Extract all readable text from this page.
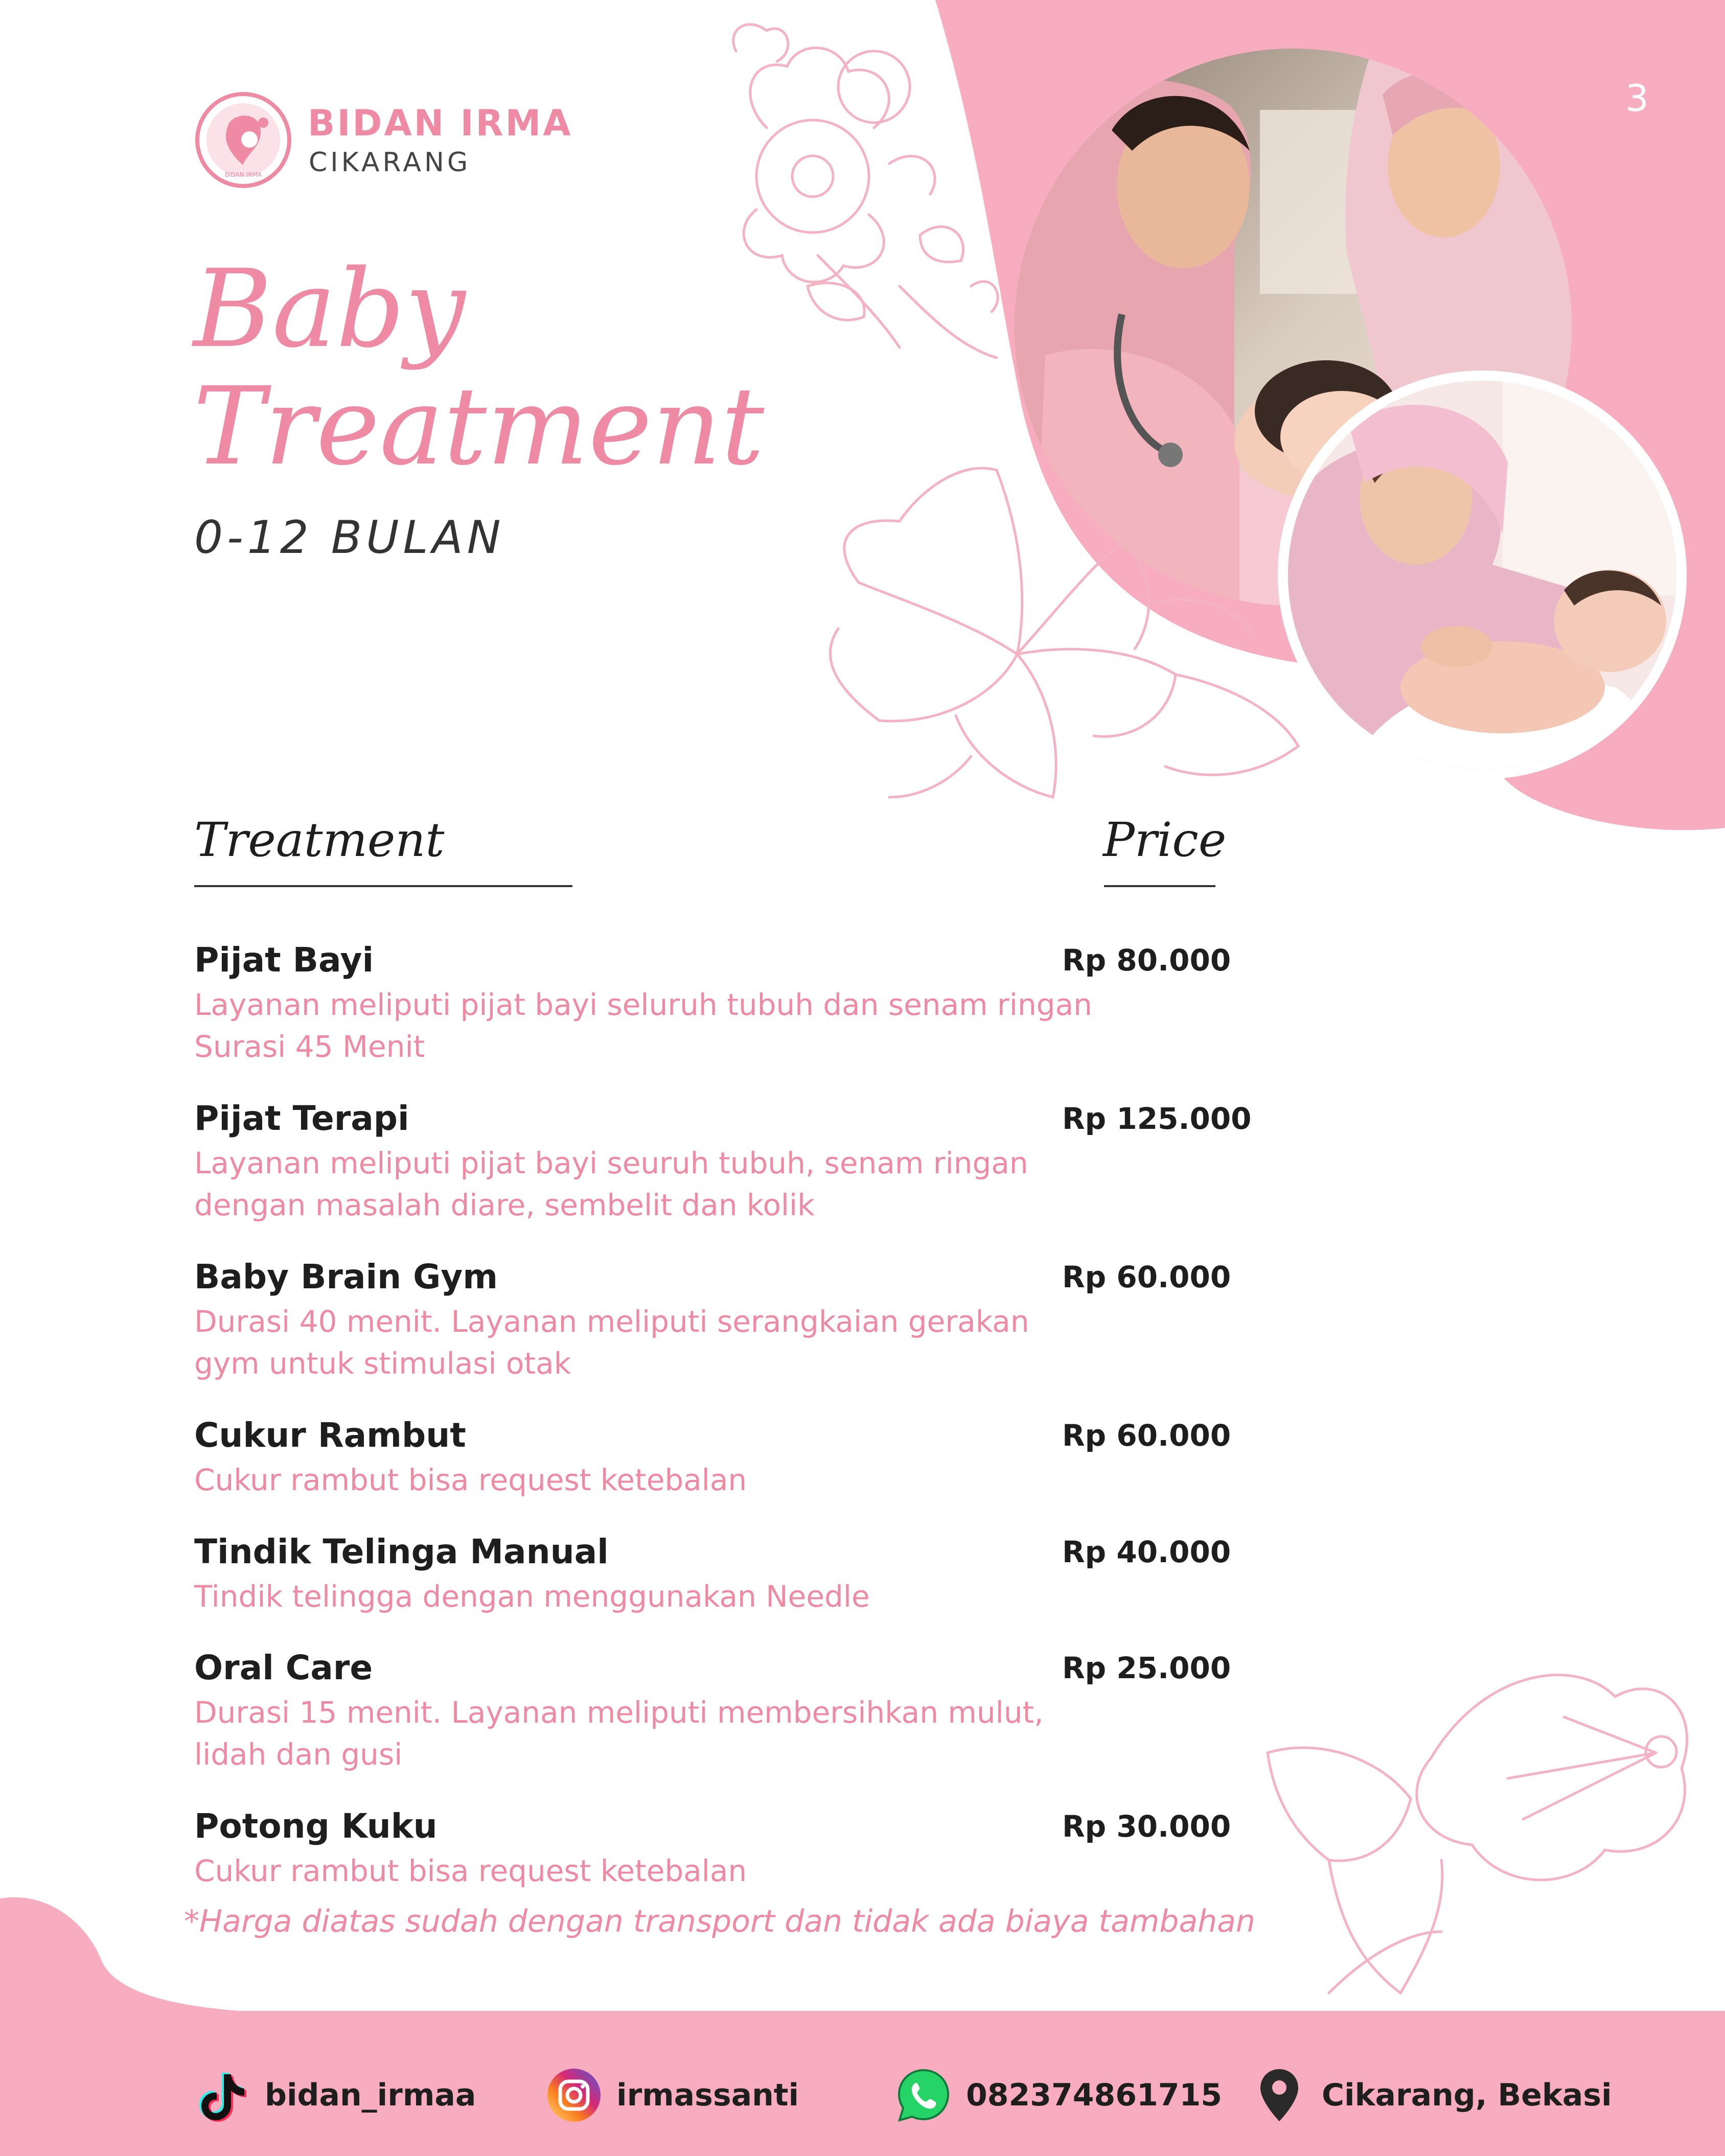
BIDAN IRMA
BIDAN IRMA
CIKARANG
3
Baby
Treatment
0-12 BULAN
Treatment	Price
Pijat Bayi	Rp 80.000
Layanan meliputi pijat bayi seluruh tubuh dan senam ringan
Surasi 45 Menit
Pijat Terapi	Rp 125.000
Layanan meliputi pijat bayi seuruh tubuh, senam ringan
dengan masalah diare, sembelit dan kolik
Baby Brain Gym	Rp 60.000
Durasi 40 menit. Layanan meliputi serangkaian gerakan
gym untuk stimulasi otak
Cukur Rambut	Rp 60.000
Cukur rambut bisa request ketebalan
Tindik Telinga Manual	Rp 40.000
Tindik telingga dengan menggunakan Needle
Oral Care	Rp 25.000
Durasi 15 menit. Layanan meliputi membersihkan mulut,
lidah dan gusi
Potong Kuku	Rp 30.000
Cukur rambut bisa request ketebalan
*Harga diatas sudah dengan transport dan tidak ada biaya tambahan
bidan_irmaa	irmassanti	082374861715	Cikarang, Bekasi
